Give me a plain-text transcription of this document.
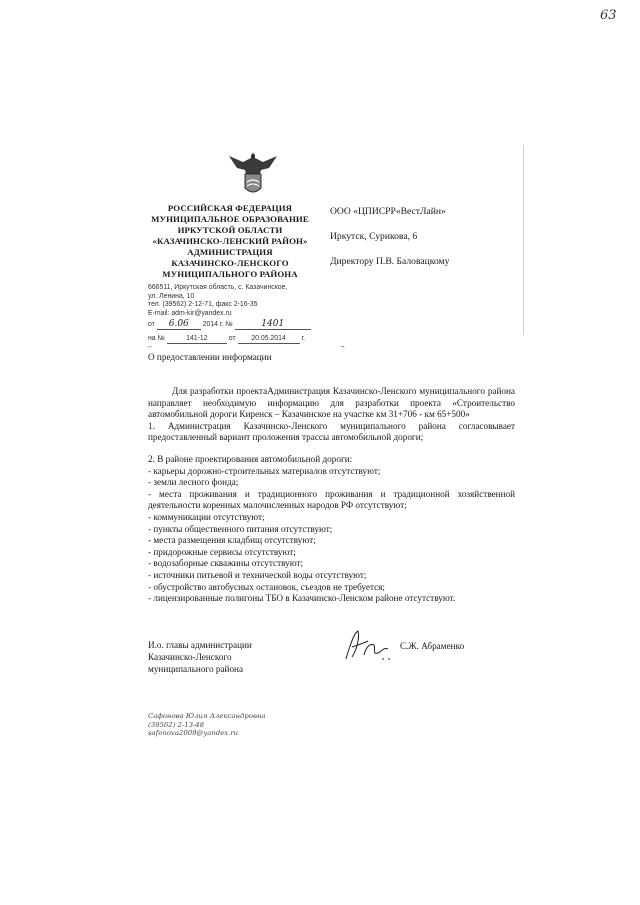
63
РОССИЙСКАЯ ФЕДЕРАЦИЯ
МУНИЦИПАЛЬНОЕ ОБРАЗОВАНИЕ
ИРКУТСКОЙ ОБЛАСТИ
«КАЗАЧИНСКО-ЛЕНСКИЙ РАЙОН»
АДМИНИСТРАЦИЯ
КАЗАЧИНСКО-ЛЕНСКОГО
МУНИЦИПАЛЬНОГО РАЙОНА
ООО «ЦПИСРР«ВестЛайн»
Иркутск, Сурикова, 6
Директору П.В. Баловацкому
666511, Иркутская область, с. Казачинское,
ул. Ленина, 10
тел. (39562) 2-12-71, факс 2-16-35
E-mail: adm-kir@yandex.ru
от 6.06 2014 г. №	1401
на №	141-12	от 20.05.2014 г.
⌐	¬
О предоставлении информации

Для разработки проектаАдминистрация Казачинско-Ленского муниципального района направляет необходимую информацию для разработки проекта «Строительство автомобильной дороги Киренск – Казачинское на участке км 31+706 - км 65+500»

1. Администрация Казачинско-Ленского муниципального района согласовывает предоставленный вариант проложения трассы автомобильной дороги;

2. В районе проектирования автомобильной дороги:

- карьеры дорожно-строительных материалов отсутствуют;

- земли лесного фонда;

- места проживания и традиционного проживания и традиционной хозяйственной деятельности коренных малочисленных народов РФ отсутствуют;

- коммуникации отсутствуют;

- пункты общественного питания отсутствуют;

- места размещения кладбищ отсутствуют;

- придорожные сервисы отсутствуют;

- водозаборные скважины отсутствуют;

- источники питьевой и технической воды отсутствуют;

- обустройство автобусных остановок, съездов не требуется;

- лицензированные полигоны ТБО в Казачинско-Ленском районе отсутствуют.

И.о. главы администрации
Казачинско-Ленского
муниципального района
С.Ж. Абраменко
Сафонова Юлия Александровна
(39562) 2-13-48
safonova2009@yandex.ru
